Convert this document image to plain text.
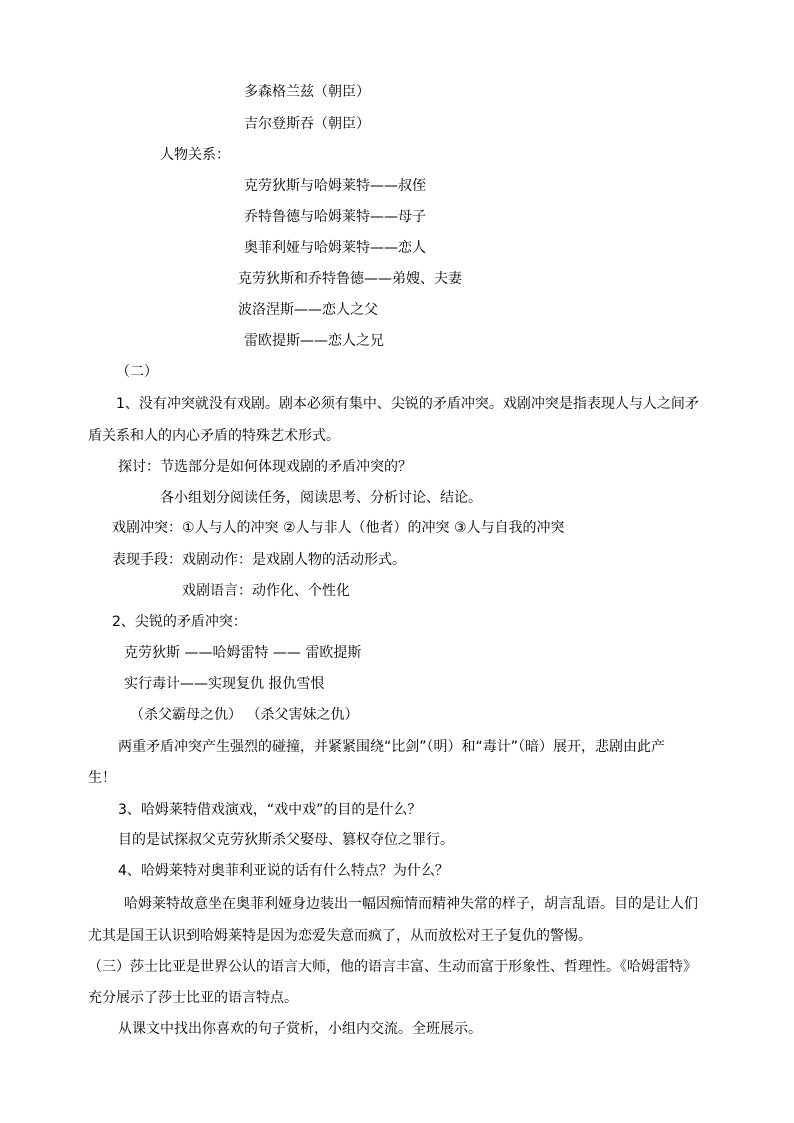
多森格兰兹（朝臣）

吉尔登斯吞（朝臣）

人物关系：

克劳狄斯与哈姆莱特——叔侄

乔特鲁德与哈姆莱特——母子

奥菲利娅与哈姆莱特——恋人

克劳狄斯和乔特鲁德——弟嫂、夫妻

波洛涅斯——恋人之父

雷欧提斯——恋人之兄

（二）

1、没有冲突就没有戏剧。剧本必须有集中、尖锐的矛盾冲突。戏剧冲突是指表现人与人之间矛

盾关系和人的内心矛盾的特殊艺术形式。

探讨：节选部分是如何体现戏剧的矛盾冲突的？

各小组划分阅读任务，阅读思考、分析讨论、结论。

戏剧冲突：①人与人的冲突 ②人与非人（他者）的冲突 ③人与自我的冲突

表现手段：戏剧动作：是戏剧人物的活动形式。

戏剧语言：动作化、个性化

2、尖锐的矛盾冲突：

克劳狄斯 ——哈姆雷特 —— 雷欧提斯

实行毒计——实现复仇 报仇雪恨

（杀父霸母之仇） （杀父害妹之仇）

两重矛盾冲突产生强烈的碰撞，并紧紧围绕“比剑”（明）和“毒计”（暗）展开，悲剧由此产

生！

3、哈姆莱特借戏演戏，“戏中戏”的目的是什么？

目的是试探叔父克劳狄斯杀父娶母、篡权夺位之罪行。

4、哈姆莱特对奥菲利亚说的话有什么特点？为什么？

哈姆莱特故意坐在奥菲利娅身边装出一幅因痴情而精神失常的样子，胡言乱语。目的是让人们

尤其是国王认识到哈姆莱特是因为恋爱失意而疯了，从而放松对王子复仇的警惕。

（三）莎士比亚是世界公认的语言大师，他的语言丰富、生动而富于形象性、哲理性。《哈姆雷特》

充分展示了莎士比亚的语言特点。

从课文中找出你喜欢的句子赏析，小组内交流。全班展示。
